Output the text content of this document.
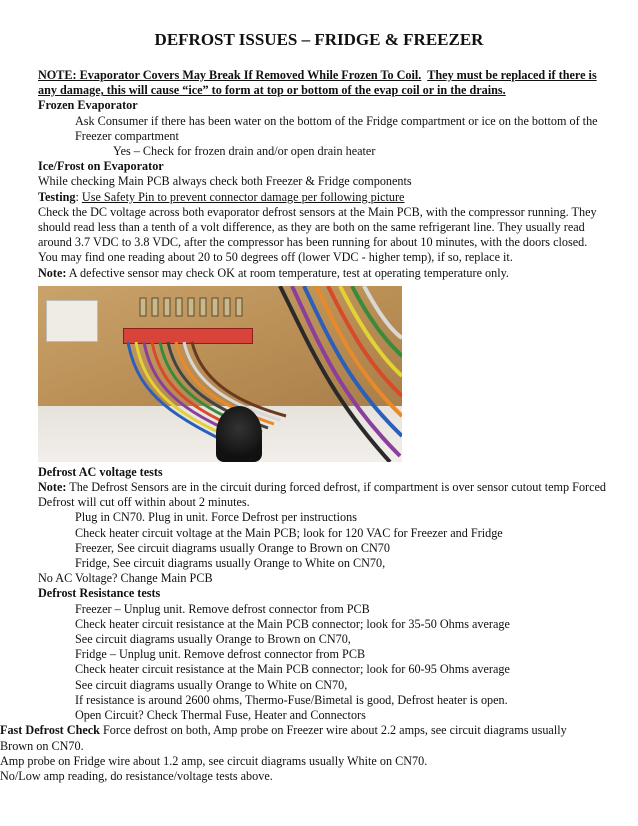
DEFROST ISSUES – FRIDGE & FREEZER
NOTE: Evaporator Covers May Break If Removed While Frozen To Coil. They must be replaced if there is
any damage, this will cause “ice” to form at top or bottom of the evap coil or in the drains.
Frozen Evaporator
Ask Consumer if there has been water on the bottom of the Fridge compartment or ice on the bottom of the
Freezer compartment
Yes – Check for frozen drain and/or open drain heater
Ice/Frost on Evaporator
While checking Main PCB always check both Freezer & Fridge components
Testing: Use Safety Pin to prevent connector damage per following picture
Check the DC voltage across both evaporator defrost sensors at the Main PCB, with the compressor running. They
should read less than a tenth of a volt difference, as they are both on the same refrigerant line. They usually read
around 3.7 VDC to 3.8 VDC, after the compressor has been running for about 10 minutes, with the doors closed.
You may find one reading about 20 to 50 degrees off (lower VDC - higher temp), if so, replace it.
Note: A defective sensor may check OK at room temperature, test at operating temperature only.
Defrost AC voltage tests
Note: The Defrost Sensors are in the circuit during forced defrost, if compartment is over sensor cutout temp Forced
Defrost will cut off within about 2 minutes.
Plug in CN70. Plug in unit. Force Defrost per instructions
Check heater circuit voltage at the Main PCB; look for 120 VAC for Freezer and Fridge
Freezer, See circuit diagrams usually Orange to Brown on CN70
Fridge, See circuit diagrams usually Orange to White on CN70,
No AC Voltage? Change Main PCB
Defrost Resistance tests
Freezer – Unplug unit. Remove defrost connector from PCB
Check heater circuit resistance at the Main PCB connector; look for 35-50 Ohms average
See circuit diagrams usually Orange to Brown on CN70,
Fridge – Unplug unit. Remove defrost connector from PCB
Check heater circuit resistance at the Main PCB connector; look for 60-95 Ohms average
See circuit diagrams usually Orange to White on CN70,
If resistance is around 2600 ohms, Thermo-Fuse/Bimetal is good, Defrost heater is open.
Open Circuit? Check Thermal Fuse, Heater and Connectors
Fast Defrost Check Force defrost on both, Amp probe on Freezer wire about 2.2 amps, see circuit diagrams usually
Brown on CN70.
Amp probe on Fridge wire about 1.2 amp, see circuit diagrams usually White on CN70.
No/Low amp reading, do resistance/voltage tests above.
